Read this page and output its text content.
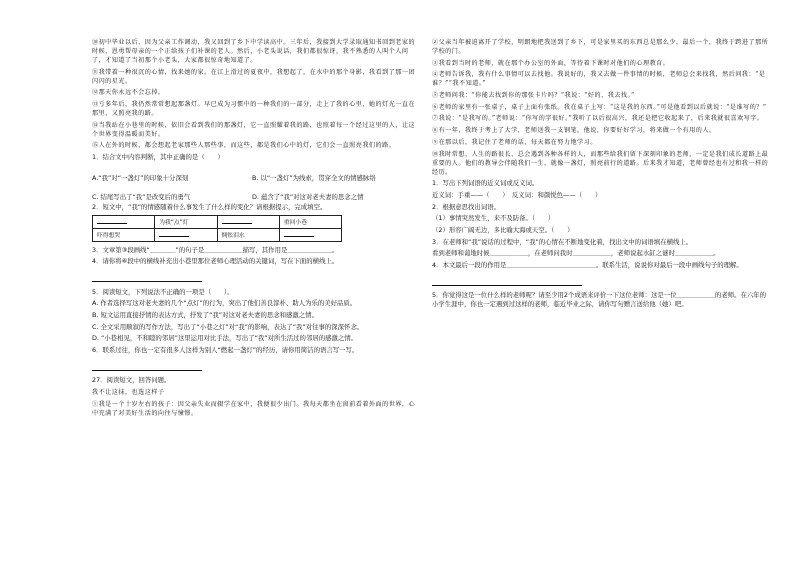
⑩初中毕业以后，因为父亲工作调动，我又回到了乡下中学读高中。三年后，我接到大学录取通知书回到老家的时候，恩勇帮母亲的一个正给孩子们补课的老人。然后，小老头说话，我们都很惊讶，我不熟悉的人叫个人问了，才知道了当初那个小老头，大家都很惊奇地知道了。

⑪我带着一种很沉的心情，找来她的家。在江上滑过的夏夜中，我想起了，在水中的那个身影，我看到了那一团闪闪的星光。

⑫那天你永远不会忘掉。

⑬亏多年后，我仍然常常想起那盏灯。早已成为习惯中的一种我们的一部分，走上了我的心里，她的灯光一直在那里，又照亮我的路。

⑭当我站在小巷里的时候，依旧会看到我们的那盏灯，它一直照耀着我的路，也照着每一个经过这里的人，让这个世界变得温暖而美好。

⑮人在外的时候，都会想起老家那些人那些事，而这些，都是我们心中的灯，它们会一直照亮我们的路。

1．结合文中内容判断，其中正确的是（　　）

A.“我”对“一盏灯”的印象十分深刻	B. 以“一盏灯”为线索，贯穿全文的情感脉络

C. 结尾写出了“我”是改变后的勇气	D. 蕴含了“我”对这对老夫妻的思念之情

2．短文中，“我”的情感随着什么事发生了什么样的变化？请根据提示，完成填空。

	为我“点”灯		重回小巷
吓得想哭		惆怅泪水	

3．文章第③段画线“＿＿＿＿”的句子是＿＿＿＿＿＿描写，其作用是＿＿＿＿＿＿＿。

4．请你将⑥段中的横线补充出小巷里那位老师心理活动的关键词，写在下面的横线上。

5．阅读短文，下列说法不正确的一项是（　　）。

A. 作者选择写这对老夫妻的几个“点灯”的行为，突出了他们善良淳朴、助人为乐的美好品质。

B. 短文运用直接抒情的表达方式，抒发了“我”对这对老夫妻的思念和感激之情。

C. 全文采用顺叙的写作方法，写出了“小巷之灯”对“我”的影响，表达了“我”对往事的深深怀念。

D. “小巷相见，不和睦的邻居”这里运用对比手法，写出了“我”对所生活过的邻居的感激之情。

6．联系过往，你也一定有很多人这样为别人“燃起一盏灯”的经历，请你用简洁的语言写一写。

27．阅读短文，回答问题。

我不让这抹，也选这样子

①我是一个十岁左右的孩子：因父亲失业而辍学在家中，我便很少出门。我每天都坐在窗前看着外面的世界，心中充满了对美好生活的向往与憧憬。

②父亲当年被迫离开了学校，明朗地把我送到了乡下，可是家里买的东西总是那么少，最后一个，我终于跨进了那所学校的门。

③我看到当时的老师，就在那个办公室的外面，等待着下课时对他们的心理教育。

④老师告诉我，我有什么事情可以去找他。我说好的，我又去做一件事情的时候，老师总会来找我，然后问我：“是谁？”“我不知道。”

⑤老师问我：“你能去找到你的那张卡片吗？”我说：“好的，我去找。”

⑥老师的家里有一张桌子，桌子上面有张纸。我在桌子上写：“这是我的东西。”可是他看到以后就说：“是谁写的？”

⑦我说：“是我写的。”老师说：“你写的字很好。”我听了以后很高兴，我还是把它收起来了，后来我就很喜欢写字。

⑧有一年，我终于考上了大学，老师送我一支钢笔，他说，你要好好学习，将来做一个有用的人。

⑨在那以后，我记住了老师的话，每天都在努力地学习。

⑩我时常想，人生的路很长，总会遇到各种各样的人，而那些给我们留下深刻印象的老师，一定是我们成长道路上最重要的人。他们的教导会伴随我们一生，就像一盏灯，照亮前行的道路。后来我才知道，老师曾经也有过和我一样的经历。

1．写出下列词语的近义词或反义词。

近义词：手重——（　　）　反义词：和颜悦色——（　　）

2．根据意思找出词语。

（1）事情突然发生，来不及防备。（　　）

（2）形容广阔无边，多比喻大海或天空。（　　）

3．在老师和“我”说话的过程中，“我”的心情在不断地变化着，找出文中的词语填在横线上。

看到老师和蔼地时候＿＿＿＿＿＿，在老师问我时＿＿＿＿＿＿，老师说起水缸之谜时＿＿＿＿＿＿。

4．本文最后一段的作用是＿＿＿＿＿＿＿＿＿＿＿＿＿＿。联系生活，说说你对最后一段中画线句子的理解。

5．你觉得这是一位什么样的老师呢？请至少用2个成语来评价一下这位老师：这是一位＿＿＿＿＿＿的老师。在六年的小学生涯中，你也一定遇到过这样的老师，临近毕业之际，请你写句赠言送给他（她）吧。
